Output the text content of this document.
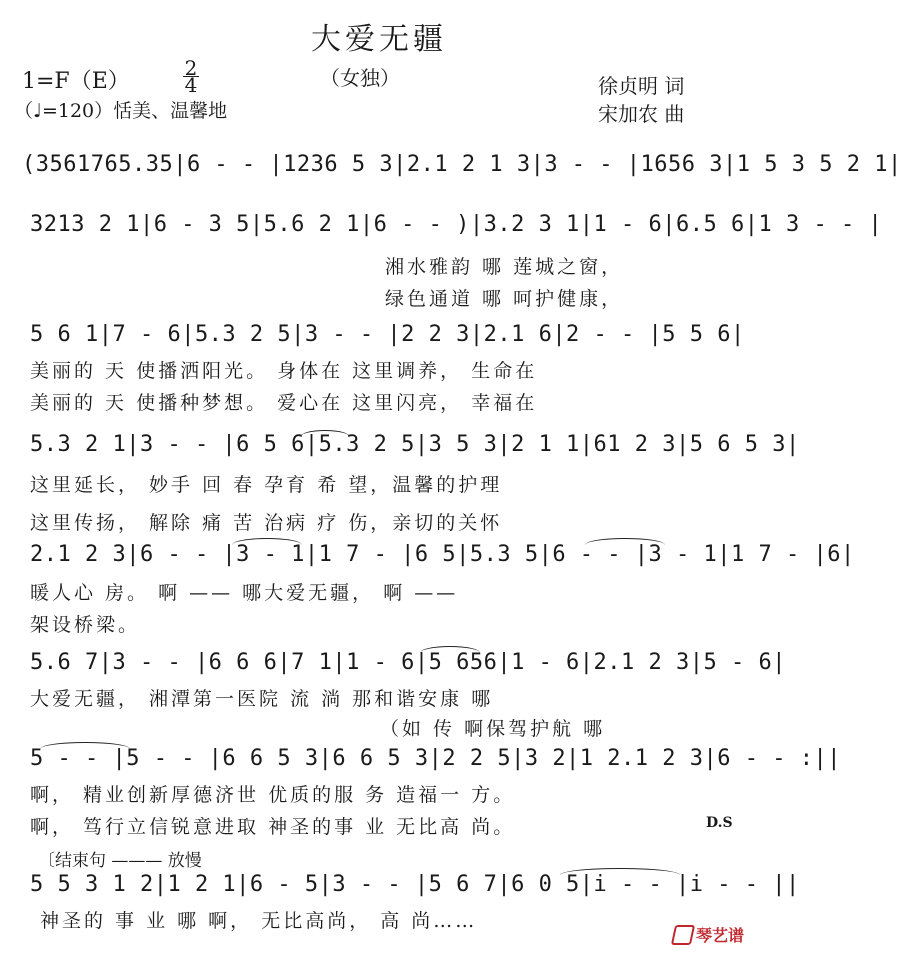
大爱无疆
（女独）
1=F（E）
2
4
（♩=120）恬美、温馨地
徐贞明 词
宋加农 曲
(3561765.35|6 - - |1236 5 3|2.1 2 1 3|3 - - |1656 3|1 5 3 5 2 1|
3213 2 1|6 - 3 5|5.6 2 1|6 - - )|3.2 3 1|1 - 6|6.5 6|1 3 - - |
湘水雅韵 哪 莲城之窗，
绿色通道 哪 呵护健康，
5 6 1|7 - 6|5.3 2 5|3 - - |2 2 3|2.1 6|2 - - |5 5 6|
美丽的 天 使播洒阳光。 身体在 这里调养， 生命在
美丽的 天 使播种梦想。 爱心在 这里闪亮， 幸福在
5.3 2 1|3 - - |6 5 6|5.3 2 5|3 5 3|2 1 1|61 2 3|5 6 5 3|
这里延长， 妙手 回 春 孕育 希 望，温馨的护理
这里传扬， 解除 痛 苦 治病 疗 伤，亲切的关怀
2.1 2 3|6 - - |3 - 1|1 7 - |6 5|5.3 5|6 - - |3 - 1|1 7 - |6|
暖人心 房。 啊 —— 哪大爱无疆， 啊 ——
架设桥梁。
5.6 7|3 - - |6 6 6|7 1|1 - 6|5 656|1 - 6|2.1 2 3|5 - 6|
大爱无疆， 湘潭第一医院 流 淌 那和谐安康 哪
（如 传 啊保驾护航 哪
5 - - |5 - - |6 6 5 3|6 6 5 3|2 2 5|3 2|1 2.1 2 3|6 - - :||
啊， 精业创新厚德济世 优质的服 务 造福一 方。
啊， 笃行立信锐意进取 神圣的事 业 无比高 尚。	D.S
〔结束句 ——— 放慢
5 5 3 1 2|1 2 1|6 - 5|3 - - |5 6 7|6 0 5|i - - |i - - ||
神圣的 事 业 哪 啊， 无比高尚， 高 尚……
琴艺谱
